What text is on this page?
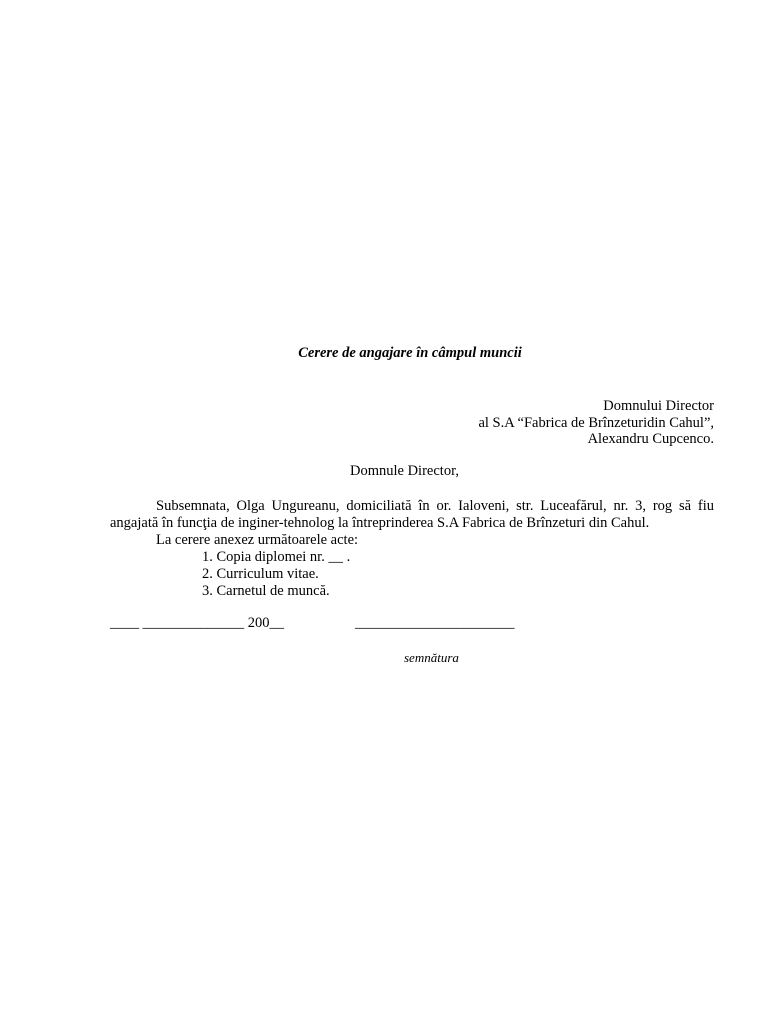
Cerere de angajare în câmpul muncii
Domnului Director
al S.A “Fabrica de Brînzeturidin Cahul”,
Alexandru Cupcenco.
Domnule Director,
Subsemnata, Olga Ungureanu, domiciliată în or. Ialoveni, str. Luceafărul, nr. 3, rog să fiu angajată în funcţia de inginer-tehnolog la întreprinderea S.A Fabrica de Brînzeturi din Cahul.
La cerere anexez următoarele acte:
1. Copia diplomei nr. __ .
2. Curriculum vitae.
3. Carnetul de muncă.
____ ______________ 200__	______________________
semnătura
